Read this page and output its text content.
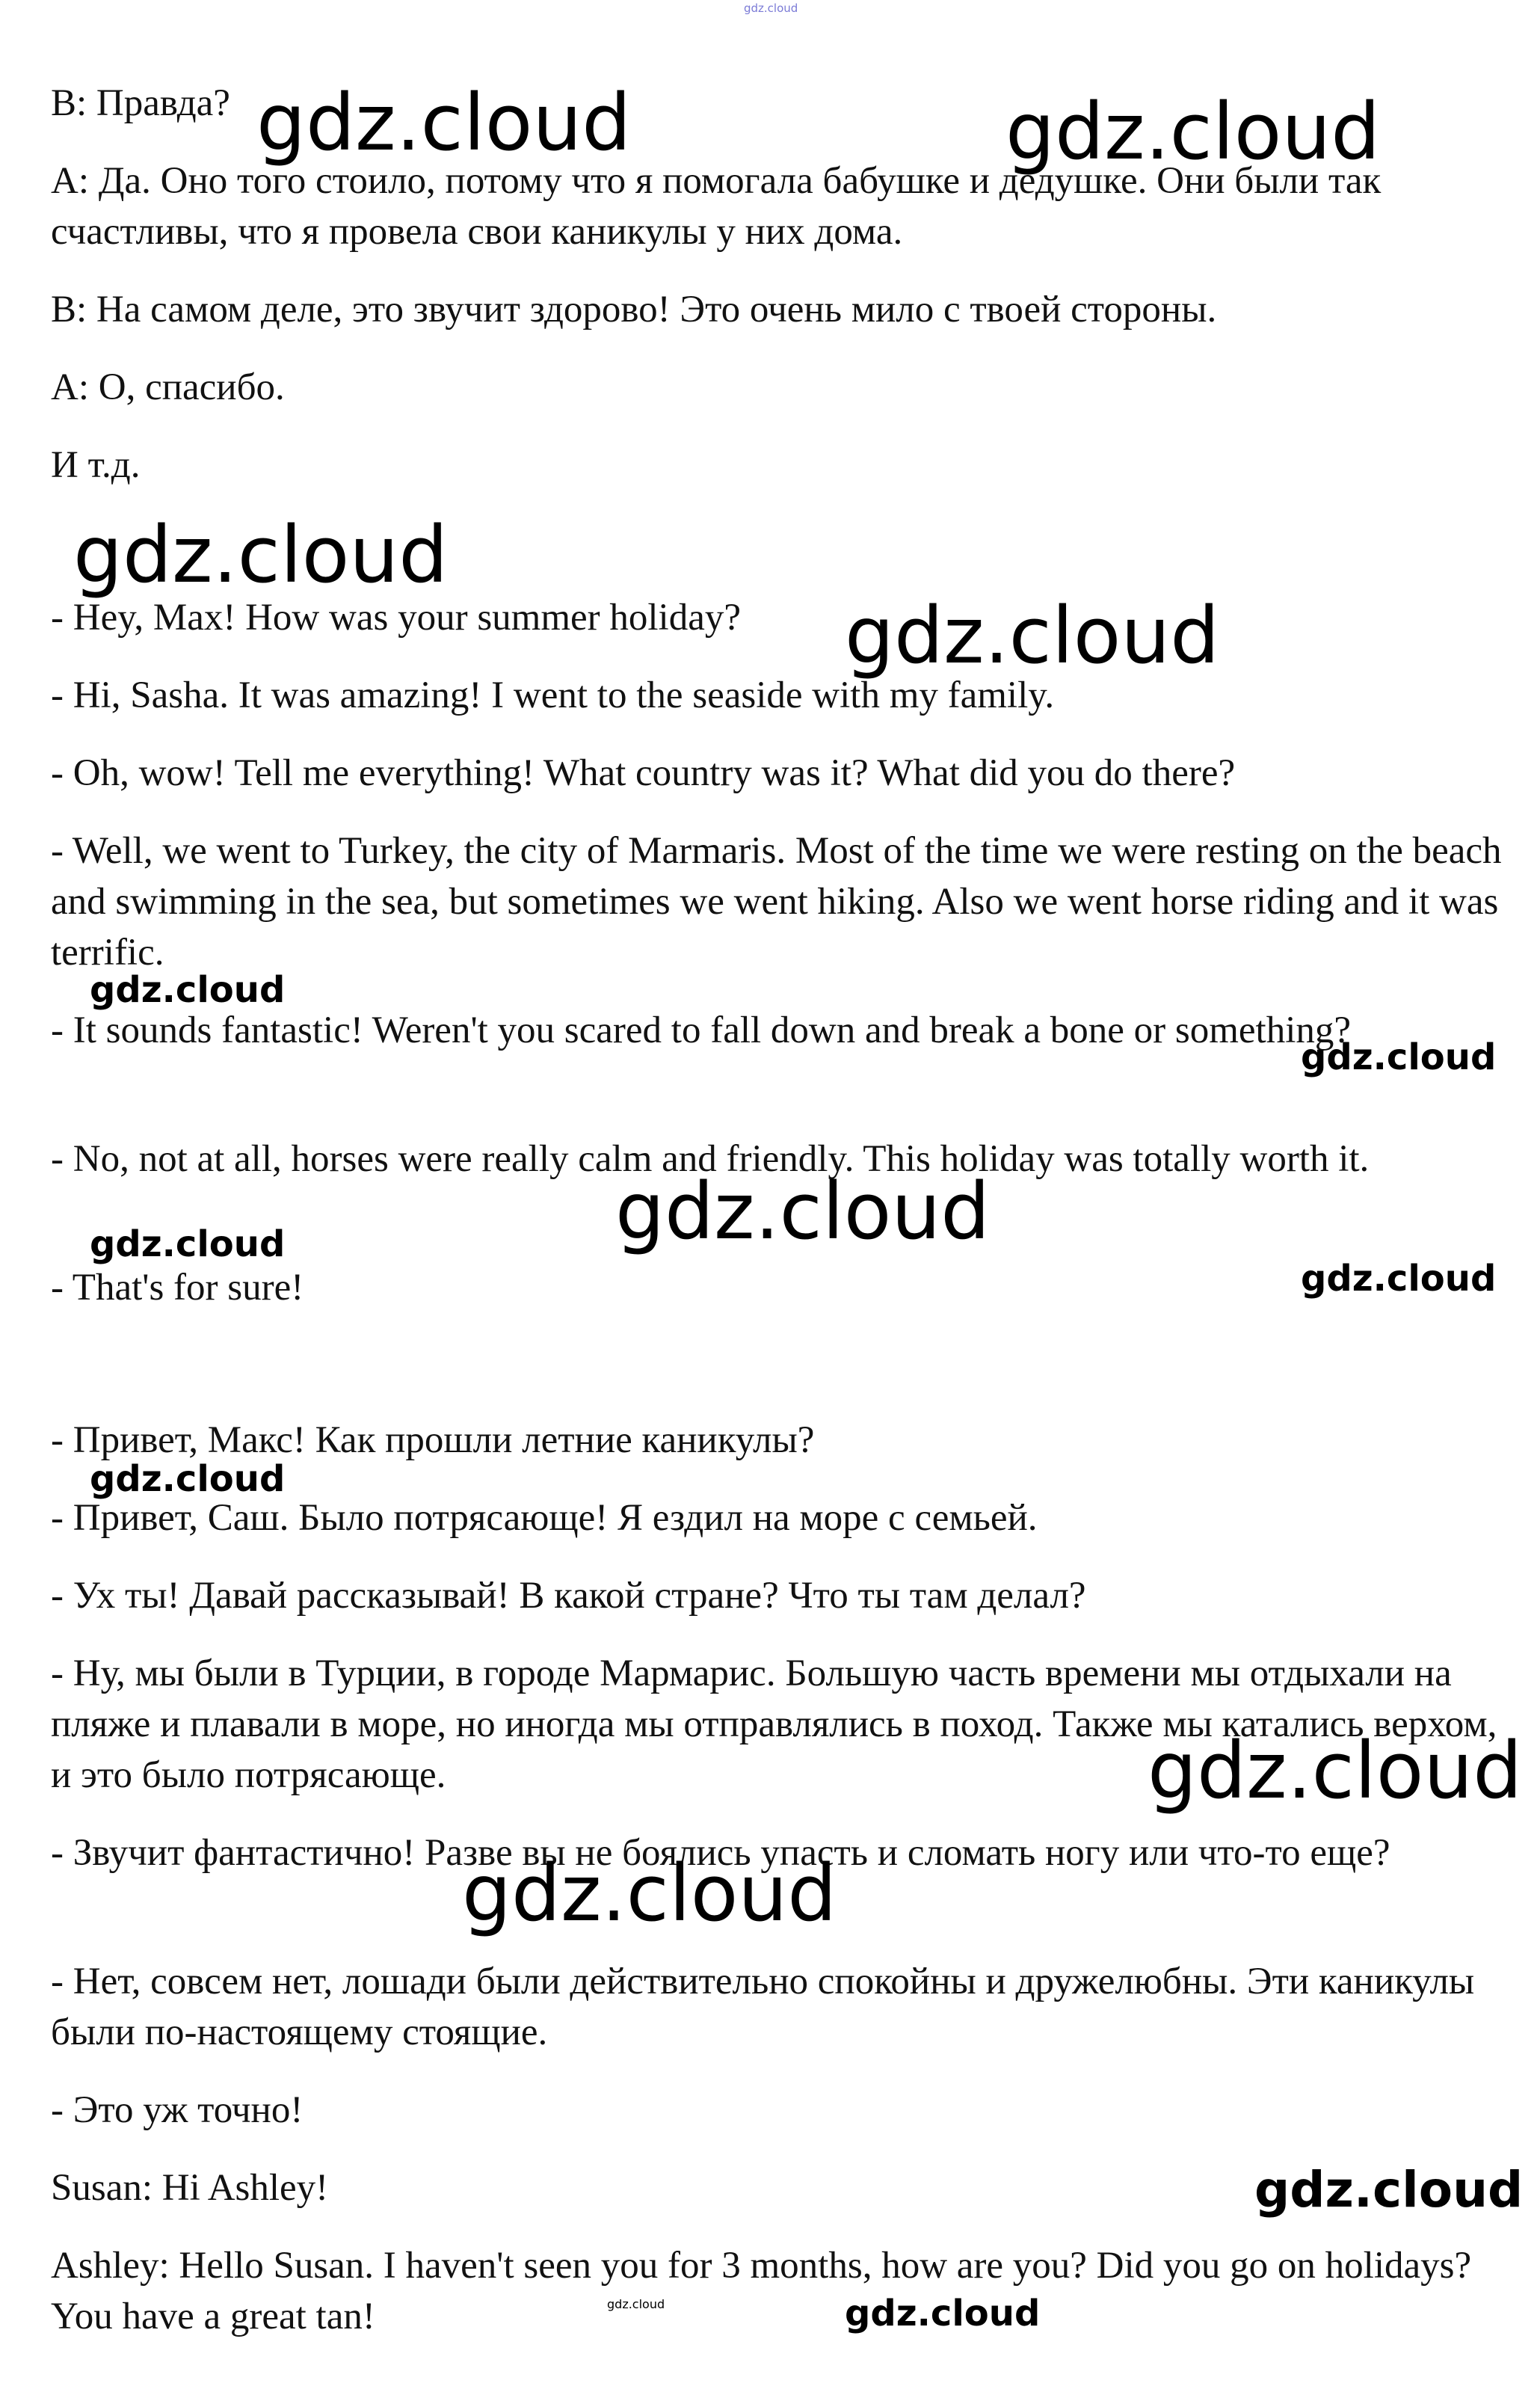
gdz.cloud

B: Правда?

A: Да. Оно того стоило, потому что я помогала бабушке и дедушке. Они были так счастливы, что я провела свои каникулы у них дома.

B: На самом деле, это звучит здорово! Это очень мило с твоей стороны.

A: О, спасибо.

И т.д.

- Hey, Max! How was your summer holiday?

- Hi, Sasha. It was amazing! I went to the seaside with my family.

- Oh, wow! Tell me everything! What country was it? What did you do there?

- Well, we went to Turkey, the city of Marmaris. Most of the time we were resting on the beach and swimming in the sea, but sometimes we went hiking. Also we went horse riding and it was terrific.

- It sounds fantastic! Weren't you scared to fall down and break a bone or something?

- No, not at all, horses were really calm and friendly. This holiday was totally worth it.

- That's for sure!

- Привет, Макс! Как прошли летние каникулы?

- Привет, Саш. Было потрясающе! Я ездил на море с семьей.

- Ух ты! Давай рассказывай! В какой стране? Что ты там делал?

- Ну, мы были в Турции, в городе Мармарис. Большую часть времени мы отдыхали на пляже и плавали в море, но иногда мы отправлялись в поход. Также мы катались верхом, и это было потрясающе.

- Звучит фантастично! Разве вы не боялись упасть и сломать ногу или что-то еще?

- Нет, совсем нет, лошади были действительно спокойны и дружелюбны. Эти каникулы были по-настоящему стоящие.

- Это уж точно!

Susan: Hi Ashley!

Ashley: Hello Susan. I haven't seen you for 3 months, how are you? Did you go on holidays? You have a great tan!

gdz.cloud	gdz.cloud
gdz.cloud
gdz.cloud
gdz.cloud
gdz.cloud
gdz.cloud
gdz.cloud
gdz.cloud
gdz.cloud
gdz.cloud
gdz.cloud
gdz.cloud
gdz.cloud
gdz.cloud
